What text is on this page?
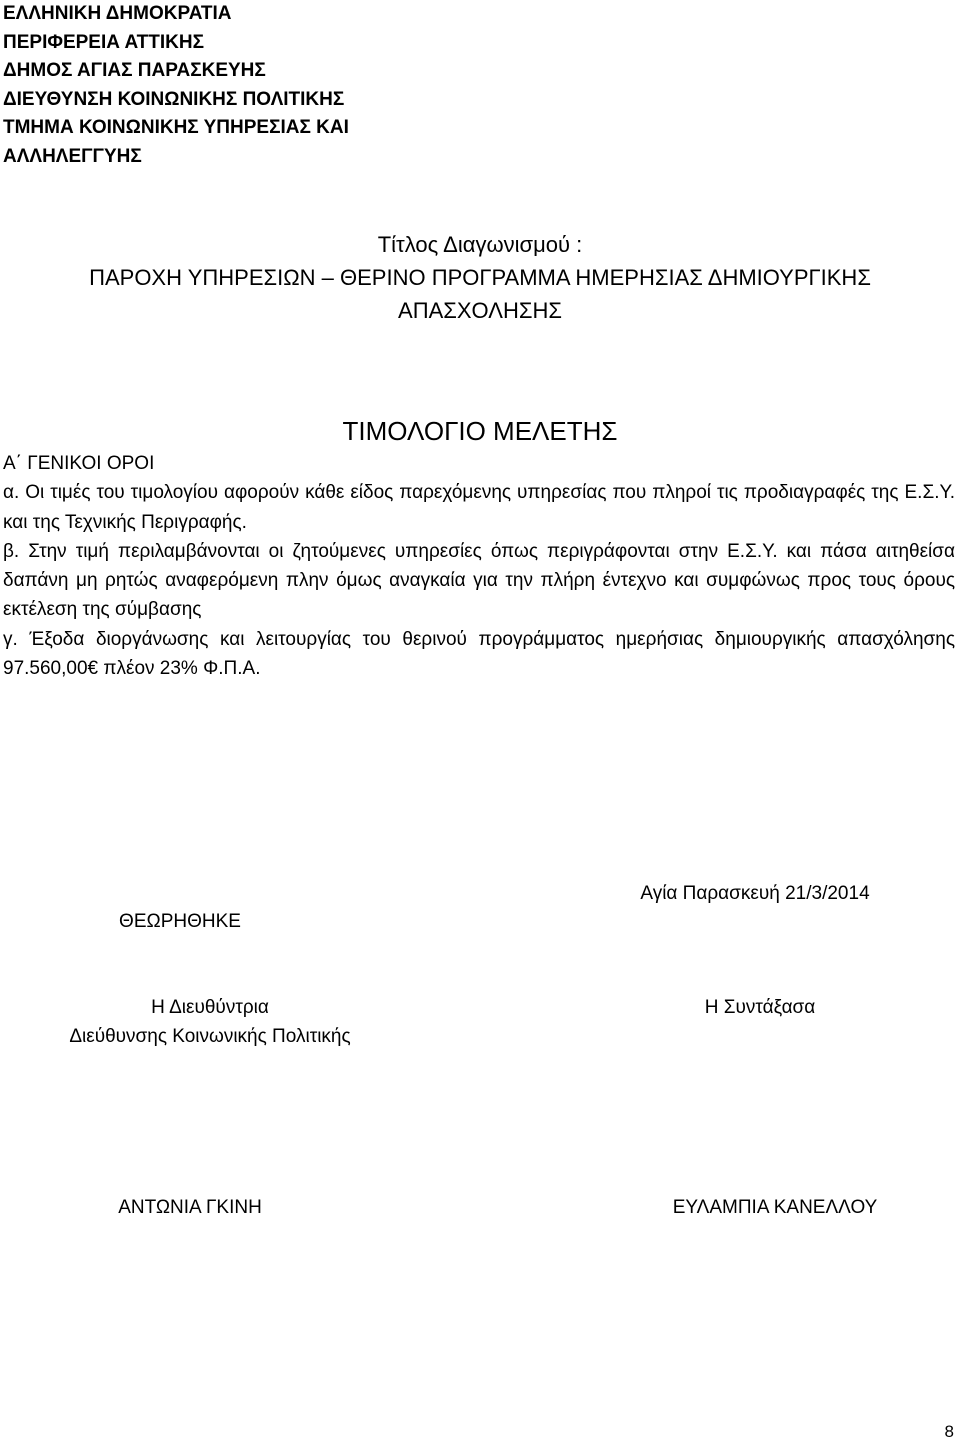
ΕΛΛΗΝΙΚΗ ΔΗΜΟΚΡΑΤΙΑ
ΠΕΡΙΦΕΡΕΙΑ ΑΤΤΙΚΗΣ
ΔΗΜΟΣ ΑΓΙΑΣ ΠΑΡΑΣΚΕΥΗΣ
ΔΙΕΥΘΥΝΣΗ ΚΟΙΝΩΝΙΚΗΣ ΠΟΛΙΤΙΚΗΣ
ΤΜΗΜΑ ΚΟΙΝΩΝΙΚΗΣ ΥΠΗΡΕΣΙΑΣ ΚΑΙ
ΑΛΛΗΛΕΓΓΥΗΣ
Τίτλος Διαγωνισμού :
ΠΑΡΟΧΗ ΥΠΗΡΕΣΙΩΝ – ΘΕΡΙΝΟ ΠΡΟΓΡΑΜΜΑ ΗΜΕΡΗΣΙΑΣ ΔΗΜΙΟΥΡΓΙΚΗΣ
ΑΠΑΣΧΟΛΗΣΗΣ
ΤΙΜΟΛΟΓΙΟ ΜΕΛΕΤΗΣ
Α΄ ΓΕΝΙΚΟΙ ΟΡΟΙ
α. Οι τιμές του τιμολογίου αφορούν κάθε είδος παρεχόμενης υπηρεσίας που πληροί τις προδιαγραφές της Ε.Σ.Υ. και της Τεχνικής Περιγραφής.
β. Στην τιμή περιλαμβάνονται οι ζητούμενες υπηρεσίες όπως περιγράφονται στην Ε.Σ.Υ. και πάσα αιτηθείσα δαπάνη μη ρητώς αναφερόμενη πλην όμως αναγκαία για την πλήρη έντεχνο και συμφώνως προς τους όρους εκτέλεση της σύμβασης
γ. Έξοδα διοργάνωσης και λειτουργίας του θερινού προγράμματος ημερήσιας δημιουργικής απασχόλησης 97.560,00€ πλέον 23% Φ.Π.Α.
Αγία Παρασκευή 21/3/2014
ΘΕΩΡΗΘΗΚΕ
Η Διευθύντρια
Διεύθυνσης Κοινωνικής Πολιτικής
Η Συντάξασα
ΑΝΤΩΝΙΑ ΓΚΙΝΗ	ΕΥΛΑΜΠΙΑ ΚΑΝΕΛΛΟΥ
8
